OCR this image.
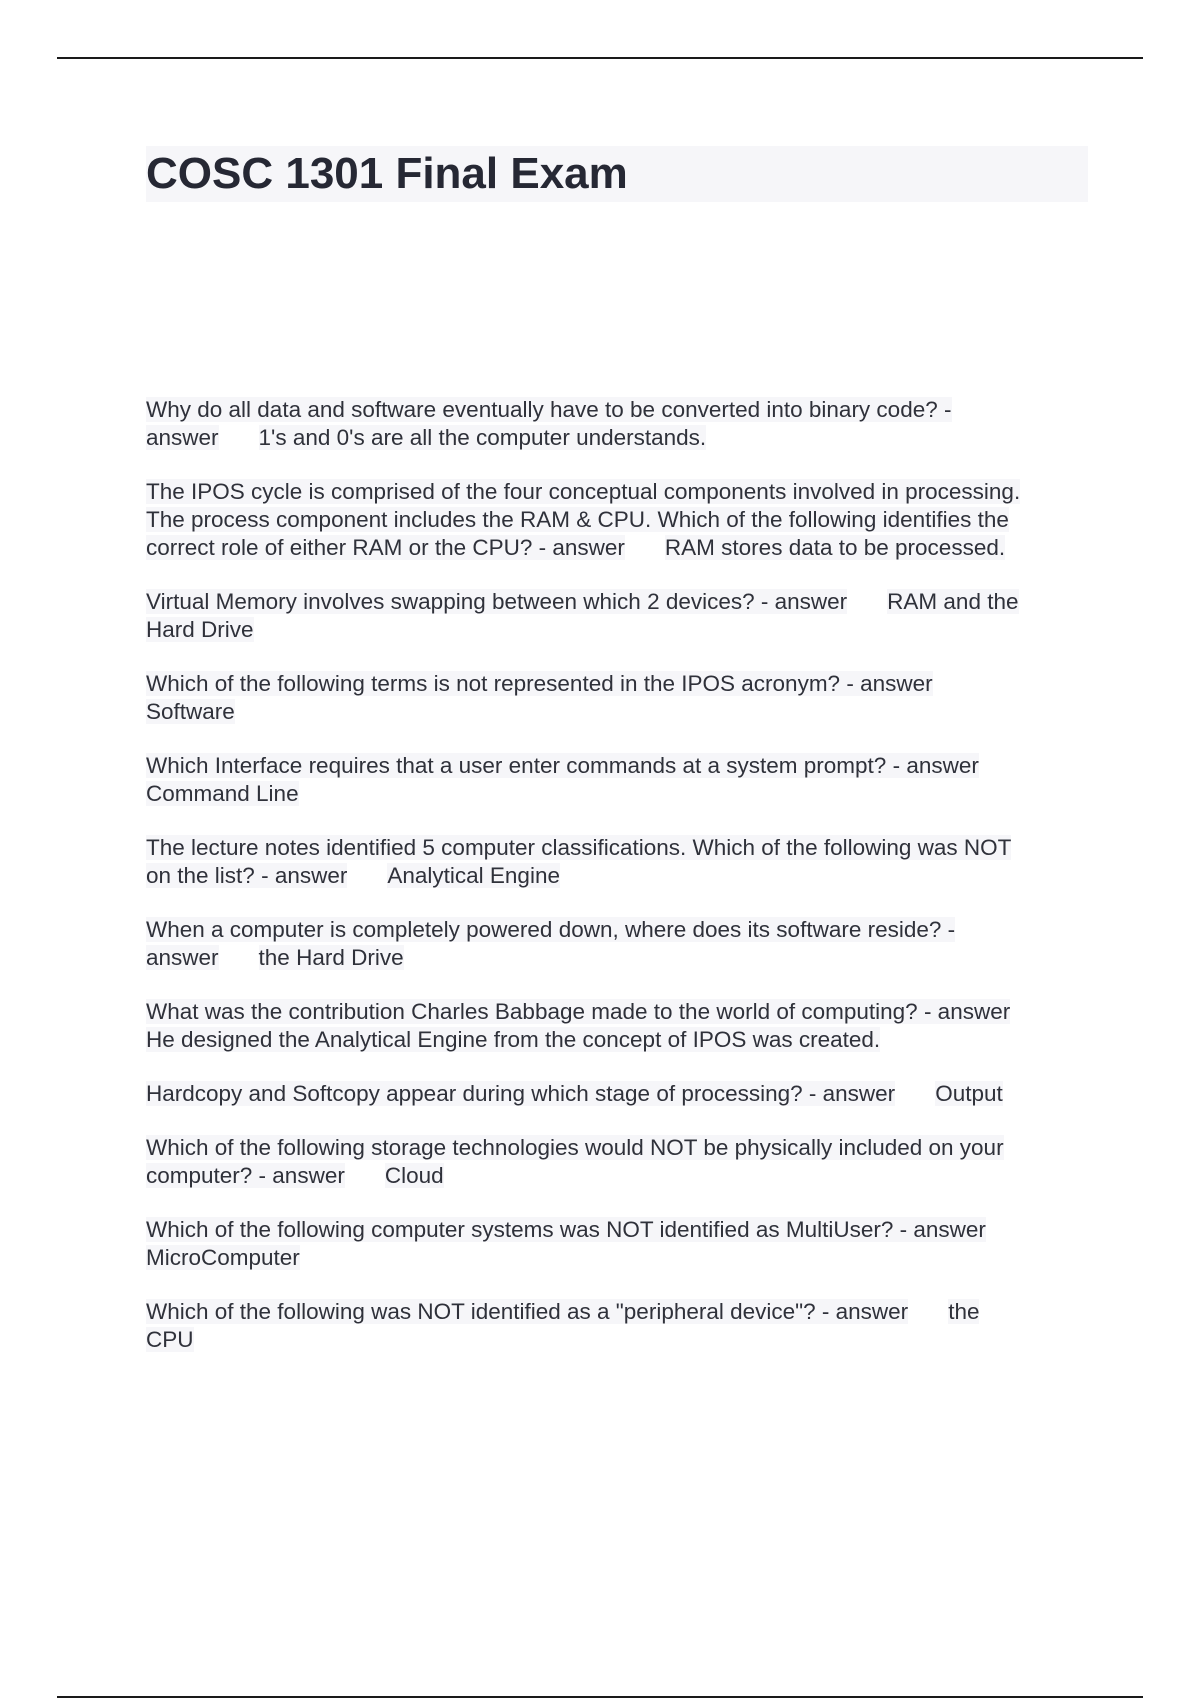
COSC 1301 Final Exam
Why do all data and software eventually have to be converted into binary code? -
answer 1's and 0's are all the computer understands.
The IPOS cycle is comprised of the four conceptual components involved in processing.
The process component includes the RAM & CPU. Which of the following identifies the
correct role of either RAM or the CPU? - answer RAM stores data to be processed.
Virtual Memory involves swapping between which 2 devices? - answer RAM and the
Hard Drive
Which of the following terms is not represented in the IPOS acronym? - answer
Software
Which Interface requires that a user enter commands at a system prompt? - answer
Command Line
The lecture notes identified 5 computer classifications. Which of the following was NOT
on the list? - answer Analytical Engine
When a computer is completely powered down, where does its software reside? -
answer the Hard Drive
What was the contribution Charles Babbage made to the world of computing? - answer
He designed the Analytical Engine from the concept of IPOS was created.
Hardcopy and Softcopy appear during which stage of processing? - answer Output
Which of the following storage technologies would NOT be physically included on your
computer? - answer Cloud
Which of the following computer systems was NOT identified as MultiUser? - answer
MicroComputer
Which of the following was NOT identified as a "peripheral device"? - answer the
CPU
